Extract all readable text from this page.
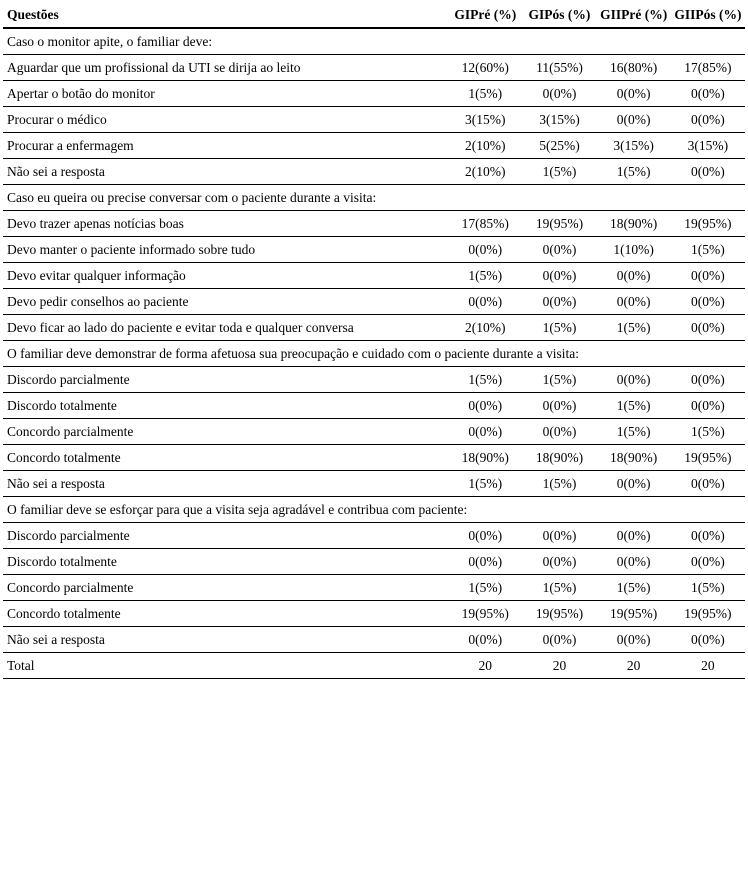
Questões	GIPré (%)	GIPós (%)	GIIPré (%)	GIIPós (%)
Caso o monitor apite, o familiar deve:				
Aguardar que um profissional da UTI se dirija ao leito	12(60%)	11(55%)	16(80%)	17(85%)
Apertar o botão do monitor	1(5%)	0(0%)	0(0%)	0(0%)
Procurar o médico	3(15%)	3(15%)	0(0%)	0(0%)
Procurar a enfermagem	2(10%)	5(25%)	3(15%)	3(15%)
Não sei a resposta	2(10%)	1(5%)	1(5%)	0(0%)
Caso eu queira ou precise conversar com o paciente durante a visita:				
Devo trazer apenas notícias boas	17(85%)	19(95%)	18(90%)	19(95%)
Devo manter o paciente informado sobre tudo	0(0%)	0(0%)	1(10%)	1(5%)
Devo evitar qualquer informação	1(5%)	0(0%)	0(0%)	0(0%)
Devo pedir conselhos ao paciente	0(0%)	0(0%)	0(0%)	0(0%)
Devo ficar ao lado do paciente e evitar toda e qualquer conversa	2(10%)	1(5%)	1(5%)	0(0%)
O familiar deve demonstrar de forma afetuosa sua preocupação e cuidado com o paciente durante a visita:				
Discordo parcialmente	1(5%)	1(5%)	0(0%)	0(0%)
Discordo totalmente	0(0%)	0(0%)	1(5%)	0(0%)
Concordo parcialmente	0(0%)	0(0%)	1(5%)	1(5%)
Concordo totalmente	18(90%)	18(90%)	18(90%)	19(95%)
Não sei a resposta	1(5%)	1(5%)	0(0%)	0(0%)
O familiar deve se esforçar para que a visita seja agradável e contribua com paciente:				
Discordo parcialmente	0(0%)	0(0%)	0(0%)	0(0%)
Discordo totalmente	0(0%)	0(0%)	0(0%)	0(0%)
Concordo parcialmente	1(5%)	1(5%)	1(5%)	1(5%)
Concordo totalmente	19(95%)	19(95%)	19(95%)	19(95%)
Não sei a resposta	0(0%)	0(0%)	0(0%)	0(0%)
Total	20	20	20	20
